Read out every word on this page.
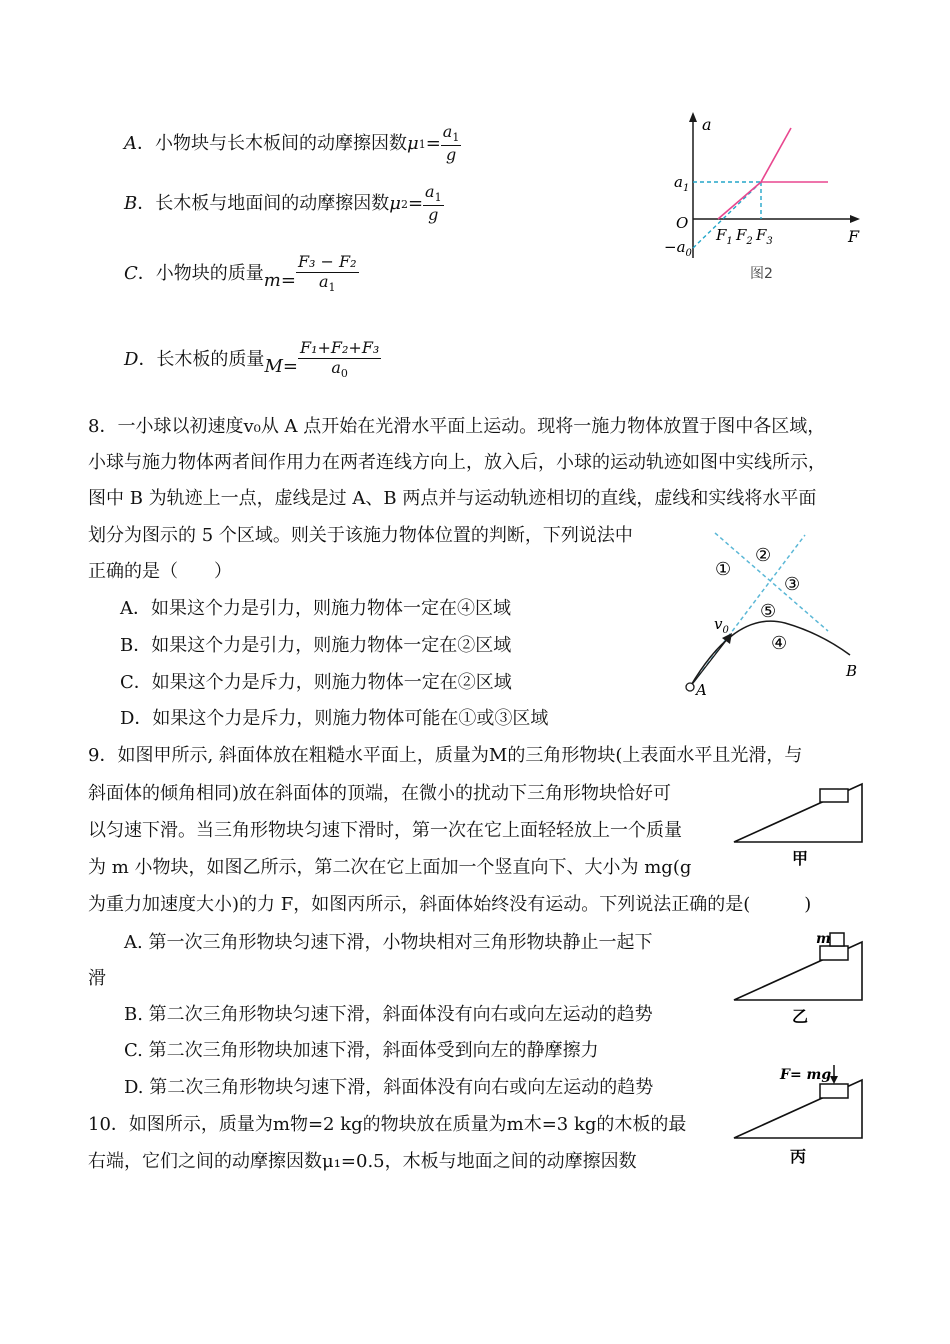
A ．小物块与长木板间的动摩擦因数 μ $1 = \frac{a_1}{g}$
B ．长木板与地面间的动摩擦因数 μ $2 = \frac{a_1}{g}$
C ．小物块的质量 $m = \frac{\text{F₃ − F₂}}{a_1}$
D ．长木板的质量 $M = \frac{\text{F₁+F₂+F₃}}{a_0}$
a
F
O
$a_1$
$-a_0$
$F_1$ $F_2$ $F_3$
图2
8．一小球以初速度v₀从 A 点开始在光滑水平面上运动。现将一施力物体放置于图中各区域，
小球与施力物体两者间作用力在两者连线方向上，放入后，小球的运动轨迹如图中实线所示，
图中 B 为轨迹上一点，虚线是过 A、B 两点并与运动轨迹相切的直线，虚线和实线将水平面
划分为图示的 5 个区域。则关于该施力物体位置的判断，下列说法中
正确的是（　　）
A．如果这个力是引力，则施力物体一定在④区域
B．如果这个力是引力，则施力物体一定在②区域
C．如果这个力是斥力，则施力物体一定在②区域
D．如果这个力是斥力，则施力物体可能在①或③区域
A
B
$v_0$
①
②
③
⑤
④
9．如图甲所示, 斜面体放在粗糙水平面上，质量为M的三角形物块(上表面水平且光滑，与
斜面体的倾角相同)放在斜面体的顶端，在微小的扰动下三角形物块恰好可
以匀速下滑。当三角形物块匀速下滑时，第一次在它上面轻轻放上一个质量
为 m 小物块，如图乙所示，第二次在它上面加一个竖直向下、大小为 mg(g
为重力加速度大小)的力 F，如图丙所示，斜面体始终没有运动。下列说法正确的是(　　　)
A. 第一次三角形物块匀速下滑，小物块相对三角形物块静止一起下
滑
B. 第二次三角形物块匀速下滑，斜面体没有向右或向左运动的趋势
C. 第二次三角形物块加速下滑，斜面体受到向左的静摩擦力
D. 第二次三角形物块匀速下滑，斜面体没有向右或向左运动的趋势
甲
m
乙
F= mg
丙
10．如图所示，质量为m物=2 kg的物块放在质量为m木=3 kg的木板的最
右端，它们之间的动摩擦因数μ₁=0.5，木板与地面之间的动摩擦因数
